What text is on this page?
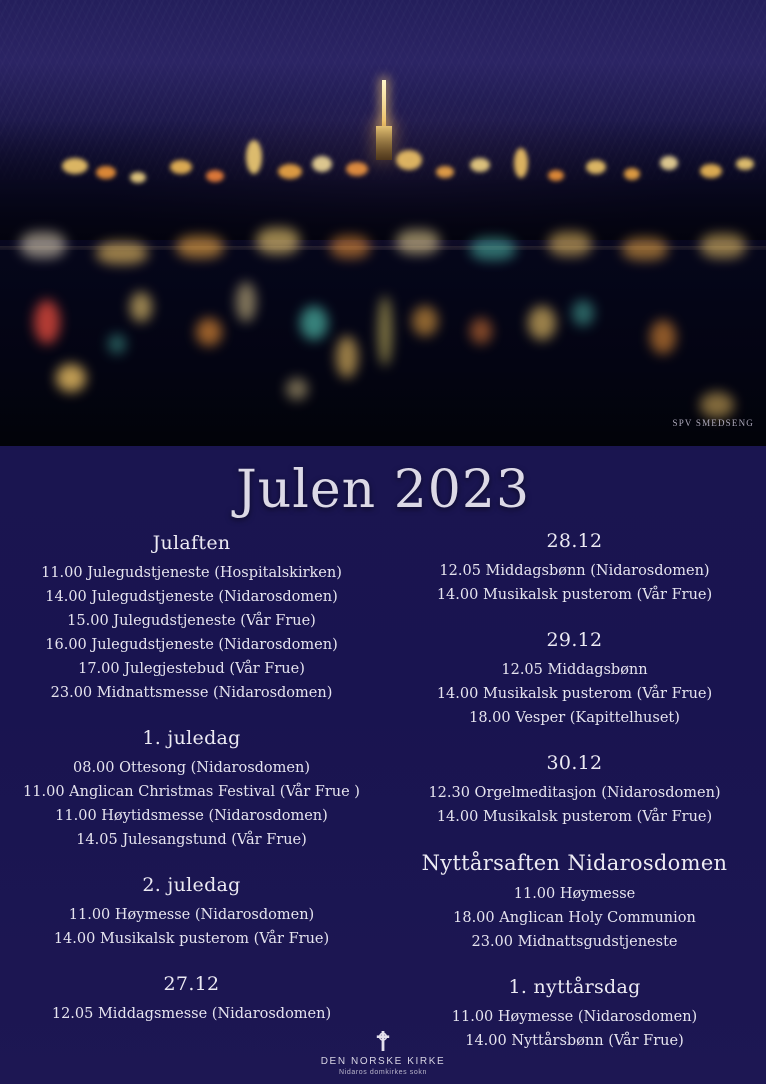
SPV SMEDSENG
Julen 2023
Julaften
11.00 Julegudstjeneste (Hospitalskirken)
14.00 Julegudstjeneste (Nidarosdomen)
15.00 Julegudstjeneste (Vår Frue)
16.00 Julegudstjeneste (Nidarosdomen)
17.00 Julegjestebud (Vår Frue)
23.00 Midnattsmesse (Nidarosdomen)
1. juledag
08.00 Ottesong (Nidarosdomen)
11.00 Anglican Christmas Festival (Vår Frue )
11.00 Høytidsmesse (Nidarosdomen)
14.05 Julesangstund (Vår Frue)
2. juledag
11.00 Høymesse (Nidarosdomen)
14.00 Musikalsk pusterom (Vår Frue)
27.12
12.05 Middagsmesse (Nidarosdomen)
28.12
12.05 Middagsbønn (Nidarosdomen)
14.00 Musikalsk pusterom (Vår Frue)
29.12
12.05 Middagsbønn
14.00 Musikalsk pusterom (Vår Frue)
18.00 Vesper (Kapittelhuset)
30.12
12.30 Orgelmeditasjon (Nidarosdomen)
14.00 Musikalsk pusterom (Vår Frue)
Nyttårsaften Nidarosdomen
11.00 Høymesse
18.00 Anglican Holy Communion
23.00 Midnattsgudstjeneste
1. nyttårsdag
11.00 Høymesse (Nidarosdomen)
14.00 Nyttårsbønn (Vår Frue)
DEN NORSKE KIRKE
Nidaros domkirkes sokn
